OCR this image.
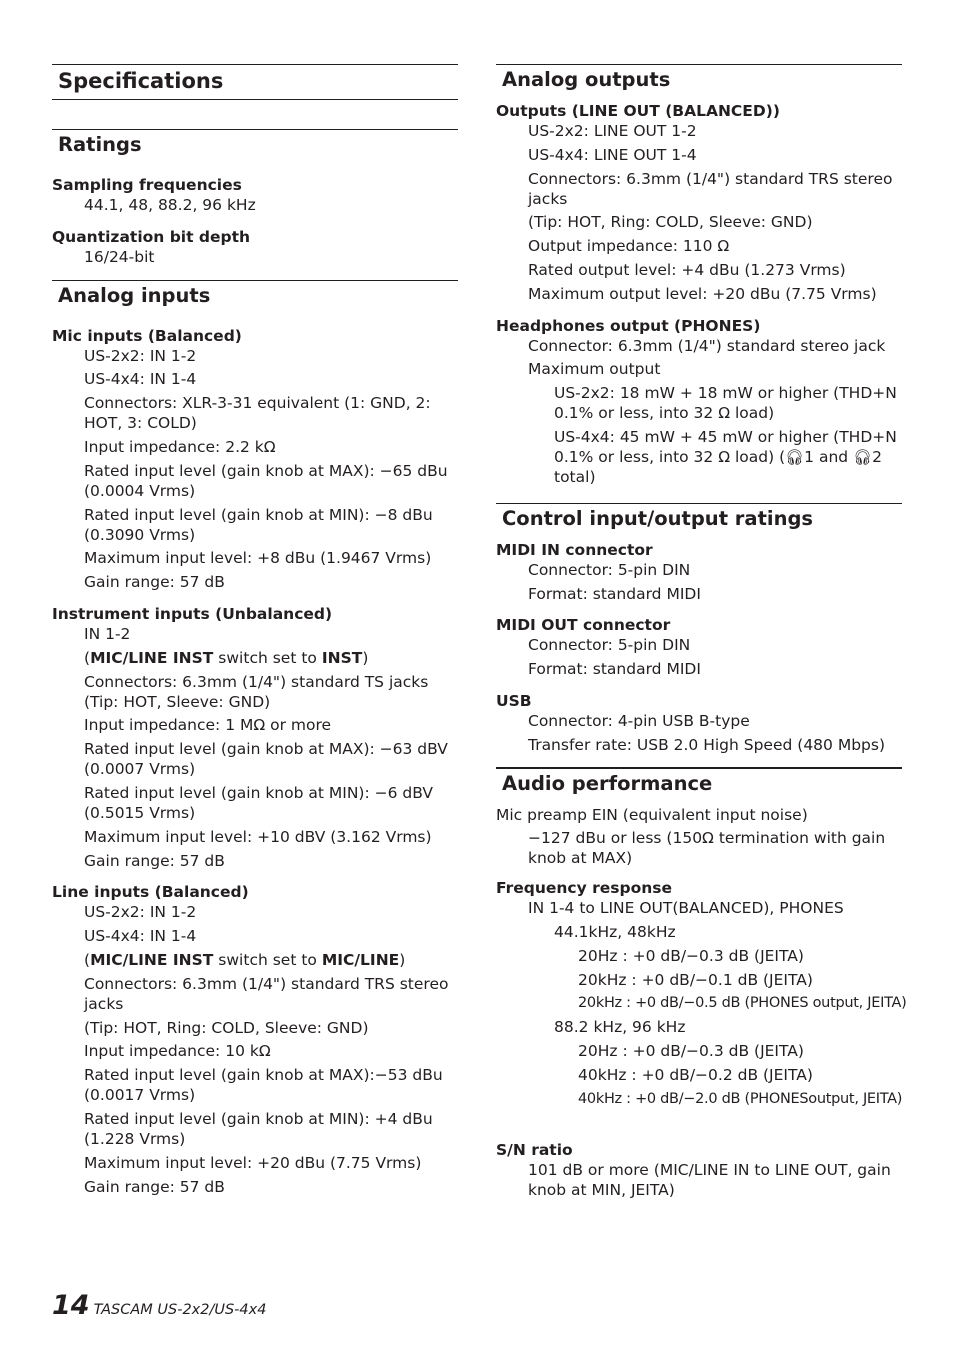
Specifications
Ratings

Sampling frequencies

44.1, 48, 88.2, 96 kHz

Quantization bit depth

16/24-bit

Analog inputs

Mic inputs (Balanced)

US-2x2: IN 1-2

US-4x4: IN 1-4

Connectors: XLR-3-31 equivalent (1: GND, 2: HOT, 3: COLD)

Input impedance: 2.2 kΩ

Rated input level (gain knob at MAX): −65 dBu (0.0004 Vrms)

Rated input level (gain knob at MIN): −8 dBu (0.3090 Vrms)

Maximum input level: +8 dBu (1.9467 Vrms)

Gain range: 57 dB

Instrument inputs (Unbalanced)

IN 1-2

(MIC/LINE INST switch set to INST)

Connectors: 6.3mm (1/4") standard TS jacks (Tip: HOT, Sleeve: GND)

Input impedance: 1 MΩ or more

Rated input level (gain knob at MAX): −63 dBV (0.0007 Vrms)

Rated input level (gain knob at MIN): −6 dBV (0.5015 Vrms)

Maximum input level: +10 dBV (3.162 Vrms)

Gain range: 57 dB

Line inputs (Balanced)

US-2x2: IN 1-2

US-4x4: IN 1-4

(MIC/LINE INST switch set to MIC/LINE)

Connectors: 6.3mm (1/4") standard TRS stereo jacks

(Tip: HOT, Ring: COLD, Sleeve: GND)

Input impedance: 10 kΩ

Rated input level (gain knob at MAX):−53 dBu (0.0017 Vrms)

Rated input level (gain knob at MIN): +4 dBu (1.228 Vrms)

Maximum input level: +20 dBu (7.75 Vrms)

Gain range: 57 dB

Analog outputs

Outputs (LINE OUT (BALANCED))

US-2x2: LINE OUT 1-2

US-4x4: LINE OUT 1-4

Connectors: 6.3mm (1/4") standard TRS stereo jacks

(Tip: HOT, Ring: COLD, Sleeve: GND)

Output impedance: 110 Ω

Rated output level: +4 dBu (1.273 Vrms)

Maximum output level: +20 dBu (7.75 Vrms)

Headphones output (PHONES)

Connector: 6.3mm (1/4") standard stereo jack

Maximum output

US-2x2: 18 mW + 18 mW or higher (THD+N 0.1% or less, into 32 Ω load)

US-4x4: 45 mW + 45 mW or higher (THD+N 0.1% or less, into 32 Ω load) (🎧︎1 and 🎧︎2 total)

Control input/output ratings

MIDI IN connector

Connector: 5-pin DIN

Format: standard MIDI

MIDI OUT connector

Connector: 5-pin DIN

Format: standard MIDI

USB

Connector: 4-pin USB B-type

Transfer rate: USB 2.0 High Speed (480 Mbps)

Audio performance

Mic preamp EIN (equivalent input noise)

−127 dBu or less (150Ω termination with gain knob at MAX)

Frequency response

IN 1-4 to LINE OUT(BALANCED), PHONES

44.1kHz, 48kHz

20Hz : +0 dB/−0.3 dB (JEITA)

20kHz : +0 dB/−0.1 dB (JEITA)

20kHz : +0 dB/−0.5 dB (PHONES output, JEITA)

88.2 kHz, 96 kHz

20Hz : +0 dB/−0.3 dB (JEITA)

40kHz : +0 dB/−0.2 dB (JEITA)

40kHz : +0 dB/−2.0 dB (PHONESoutput, JEITA)

S/N ratio

101 dB or more (MIC/LINE IN to LINE OUT, gain knob at MIN, JEITA)

14 TASCAM US-2x2/US-4x4
